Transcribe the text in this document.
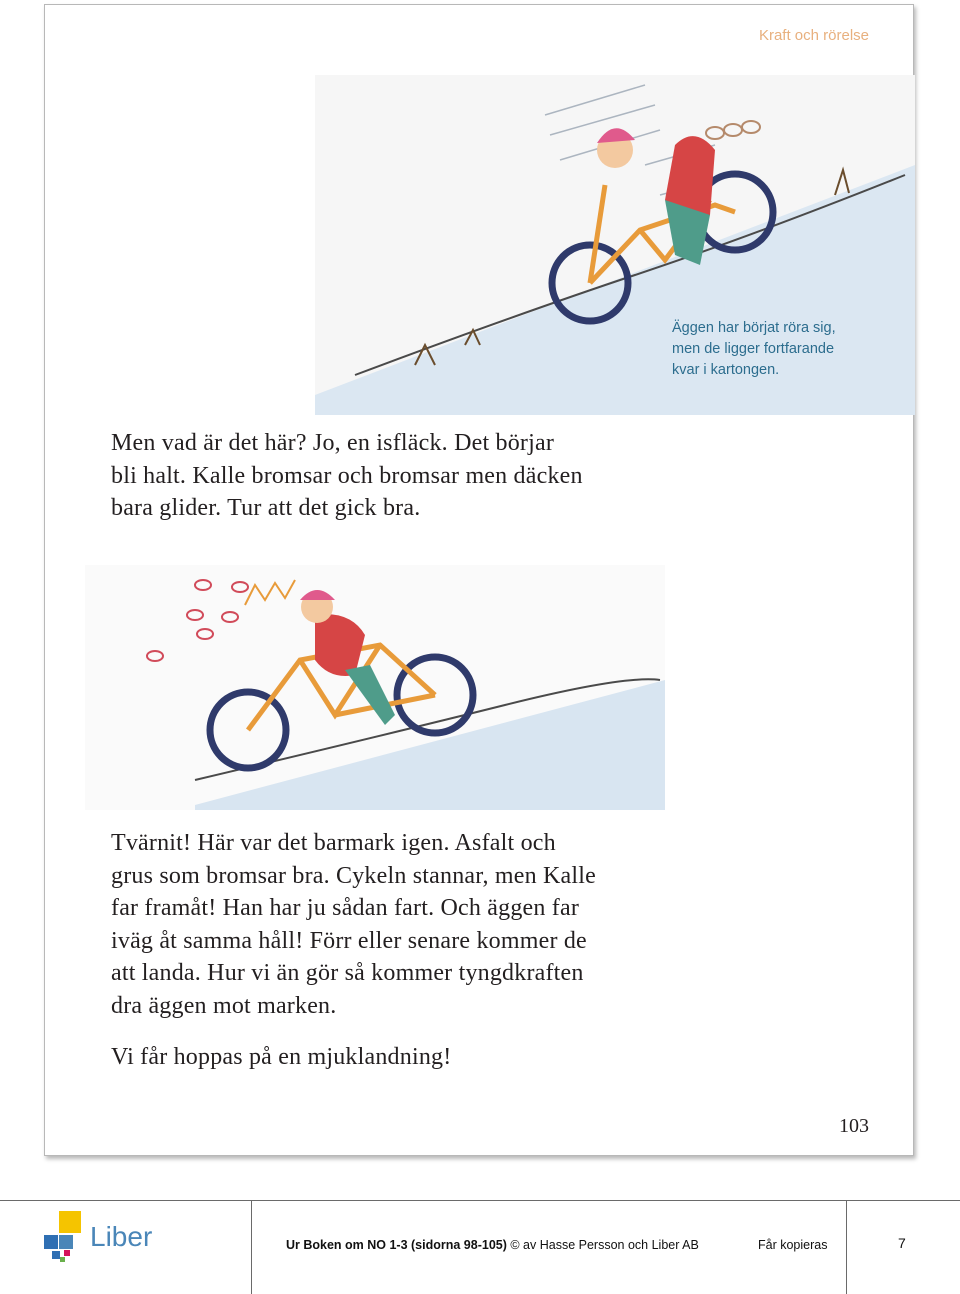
Kraft och rörelse
Äggen har börjat röra sig,
men de ligger fortfarande
kvar i kartongen.
Men vad är det här? Jo, en isfläck. Det börjar
bli halt. Kalle bromsar och bromsar men däcken
bara glider. Tur att det gick bra.
Tvärnit! Här var det barmark igen. Asfalt och
grus som bromsar bra. Cykeln stannar, men Kalle
far framåt! Han har ju sådan fart. Och äggen far
iväg åt samma håll! Förr eller senare kommer de
att landa. Hur vi än gör så kommer tyngdkraften
dra äggen mot marken.
Vi får hoppas på en mjuklandning!
103
Liber	Ur Boken om NO 1-3 (sidorna 98-105) © av Hasse Persson och Liber AB	Får kopieras	7
